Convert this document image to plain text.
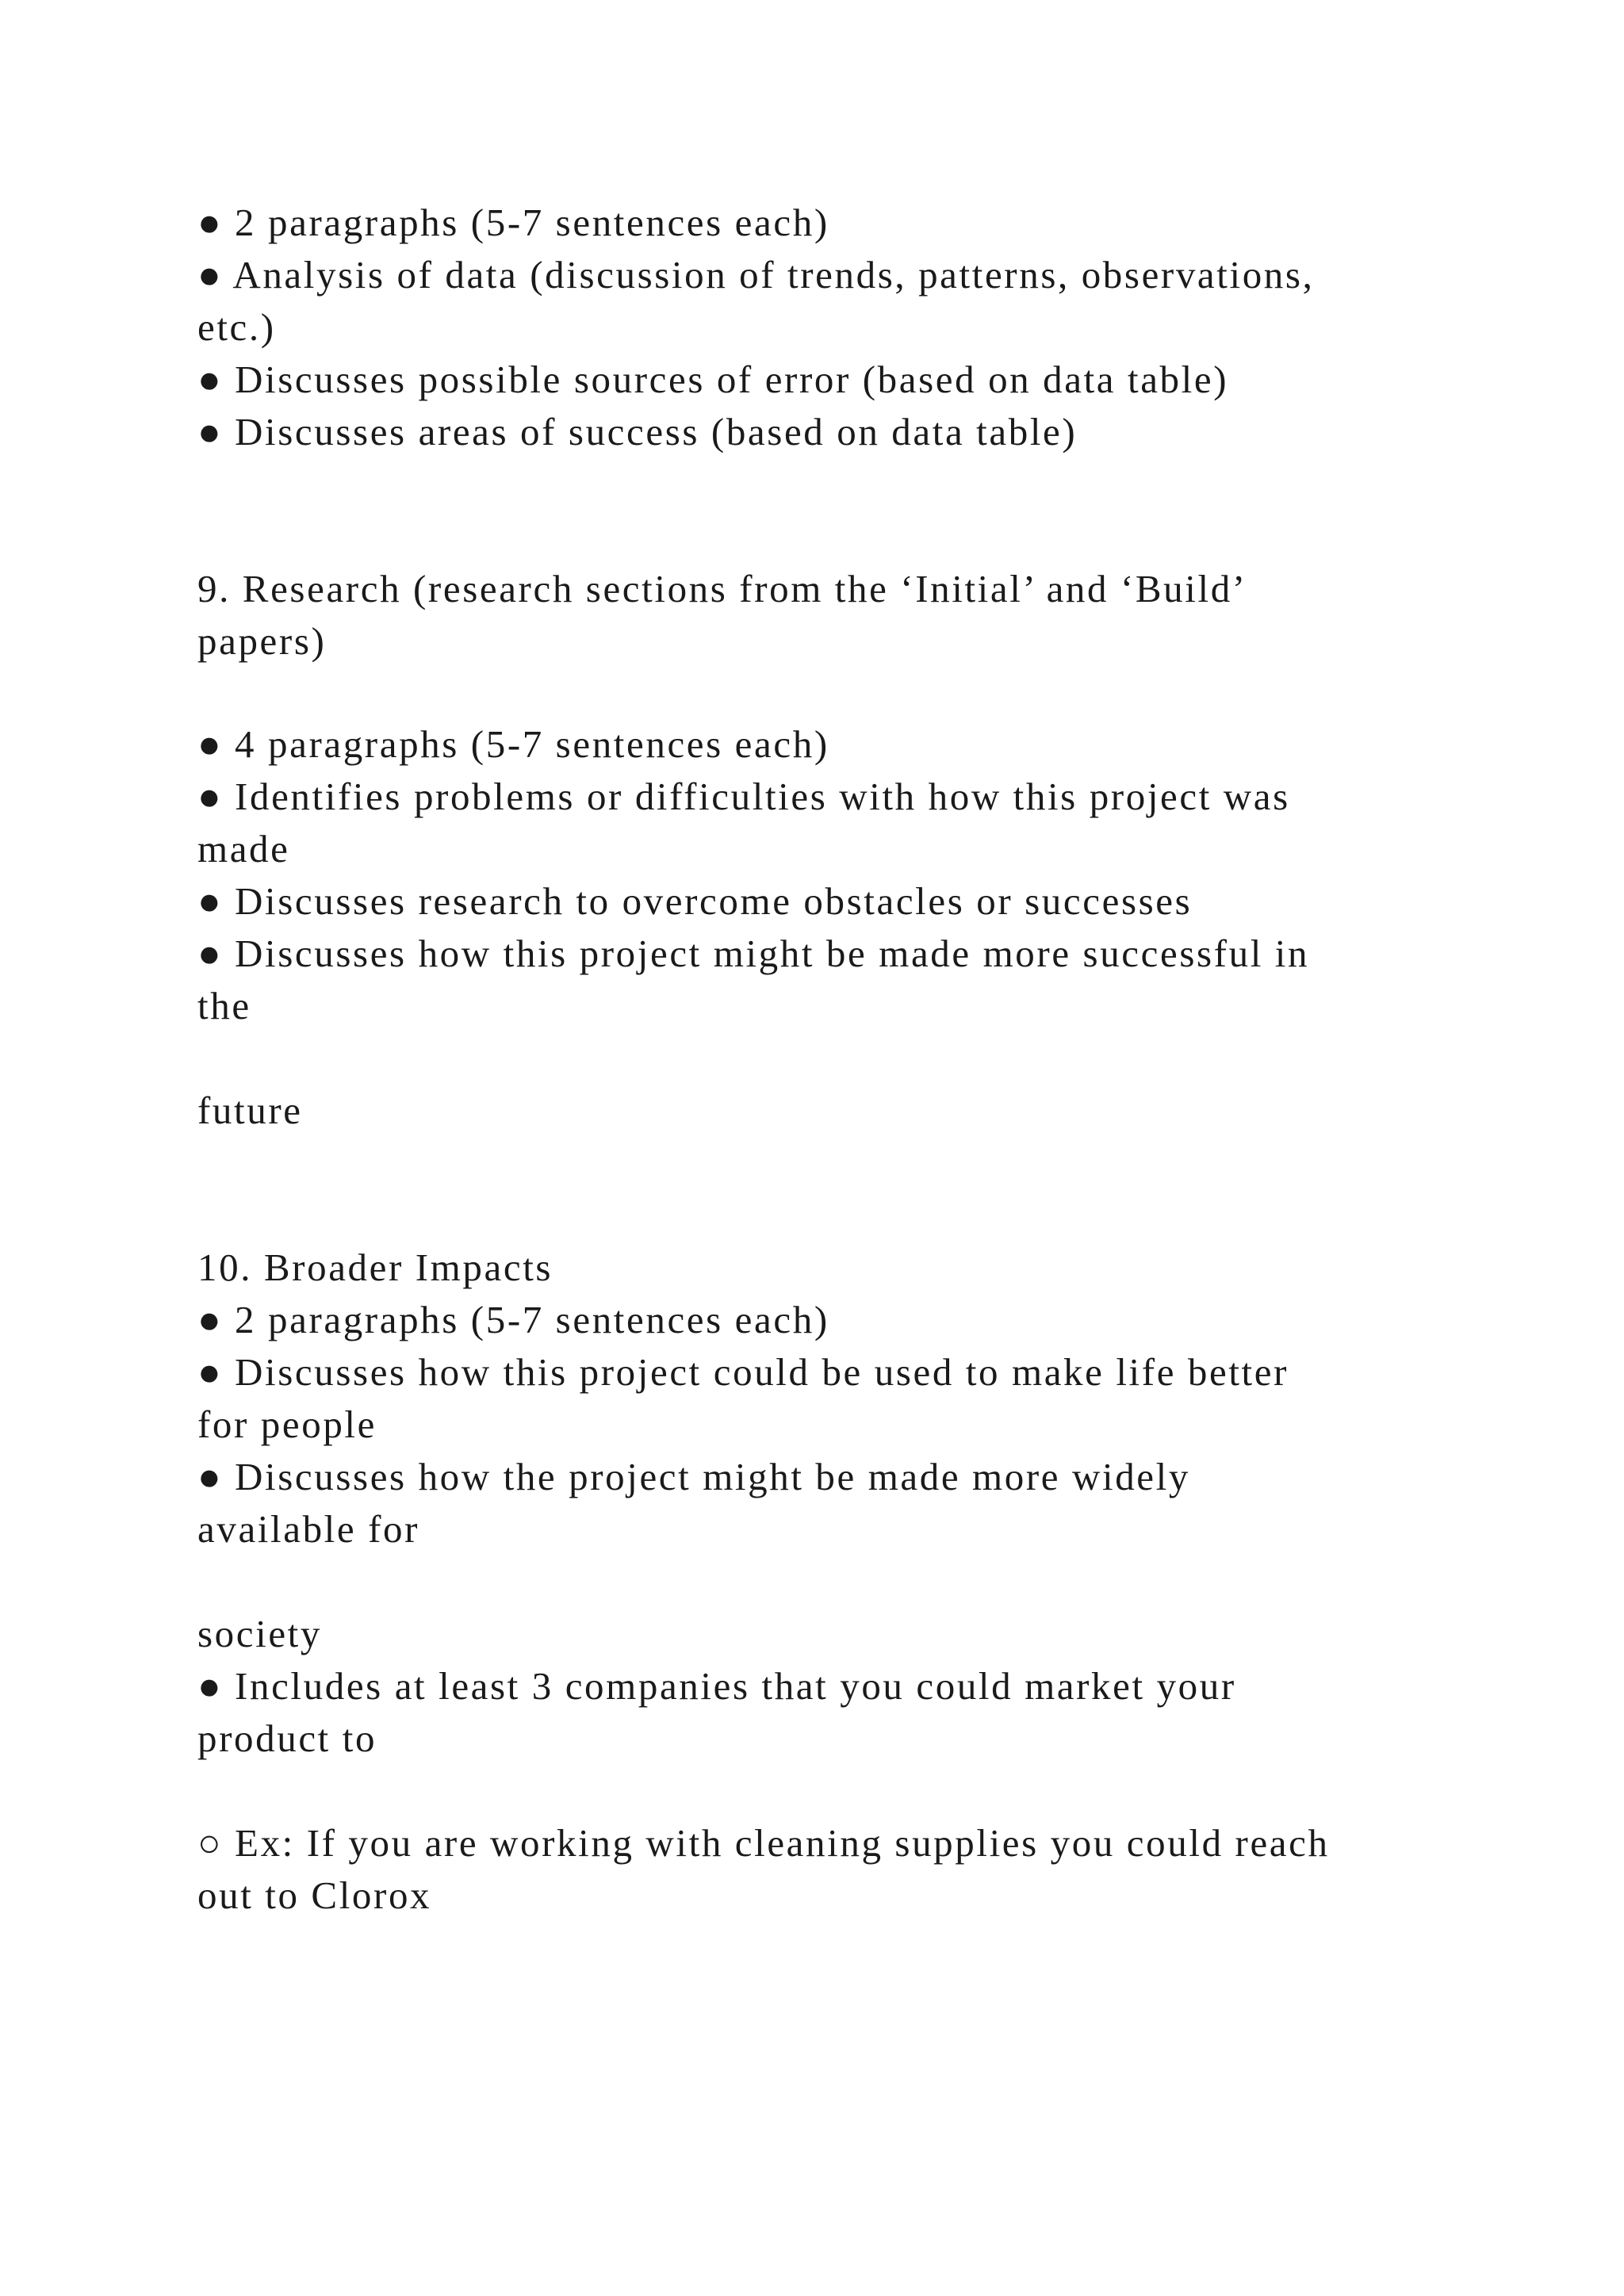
● 2 paragraphs (5-7 sentences each)

● Analysis of data (discussion of trends, patterns, observations,

etc.)

● Discusses possible sources of error (based on data table)

● Discusses areas of success (based on data table)

9. Research (research sections from the ‘Initial’ and ‘Build’

papers)

● 4 paragraphs (5-7 sentences each)

● Identifies problems or difficulties with how this project was

made

● Discusses research to overcome obstacles or successes

● Discusses how this project might be made more successful in

the

future

10. Broader Impacts

● 2 paragraphs (5-7 sentences each)

● Discusses how this project could be used to make life better

for people

● Discusses how the project might be made more widely

available for

society

● Includes at least 3 companies that you could market your

product to

○ Ex: If you are working with cleaning supplies you could reach

out to Clorox
